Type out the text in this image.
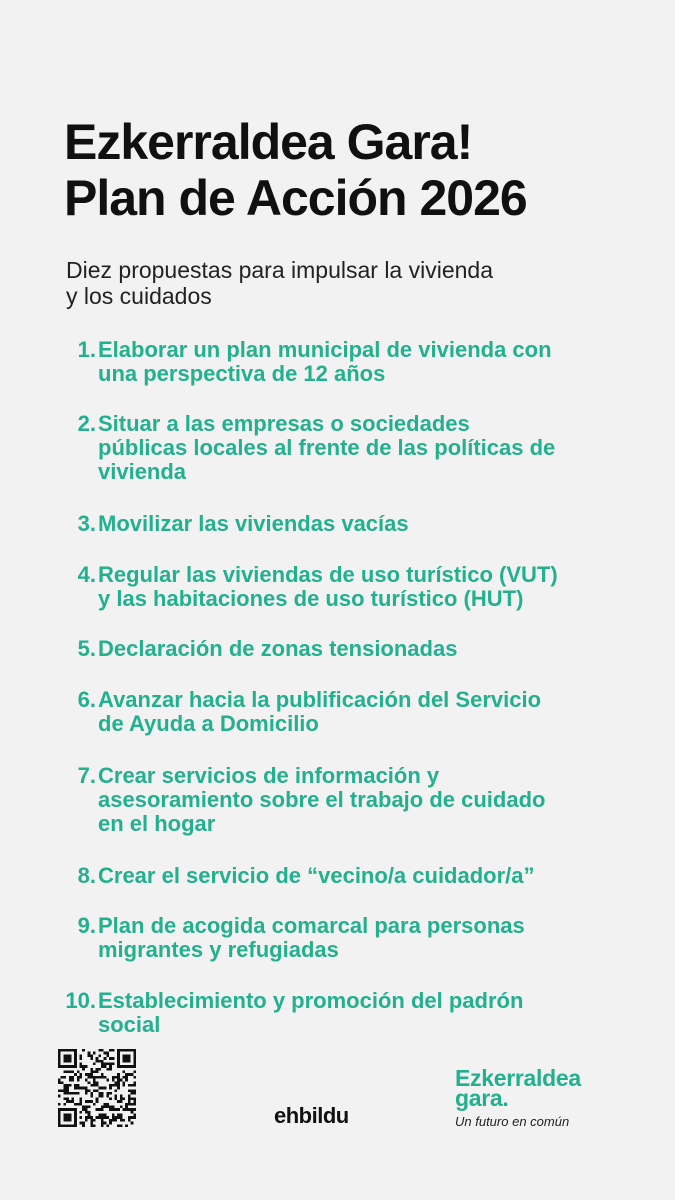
Ezkerraldea Gara!
Plan de Acción 2026

Diez propuestas para impulsar la vivienda
y los cuidados

1. Elaborar un plan municipal de vivienda con
una perspectiva de 12 años
2. Situar a las empresas o sociedades
públicas locales al frente de las políticas de
vivienda
3. Movilizar las viviendas vacías
4. Regular las viviendas de uso turístico (VUT)
y las habitaciones de uso turístico (HUT)
5. Declaración de zonas tensionadas
6. Avanzar hacia la publificación del Servicio
de Ayuda a Domicilio
7. Crear servicios de información y
asesoramiento sobre el trabajo de cuidado
en el hogar
8. Crear el servicio de “vecino/a cuidador/a”
9. Plan de acogida comarcal para personas
migrantes y refugiadas
10. Establecimiento y promoción del padrón
social
ehbildu
Ezkerraldea
gara.
Un futuro en común
